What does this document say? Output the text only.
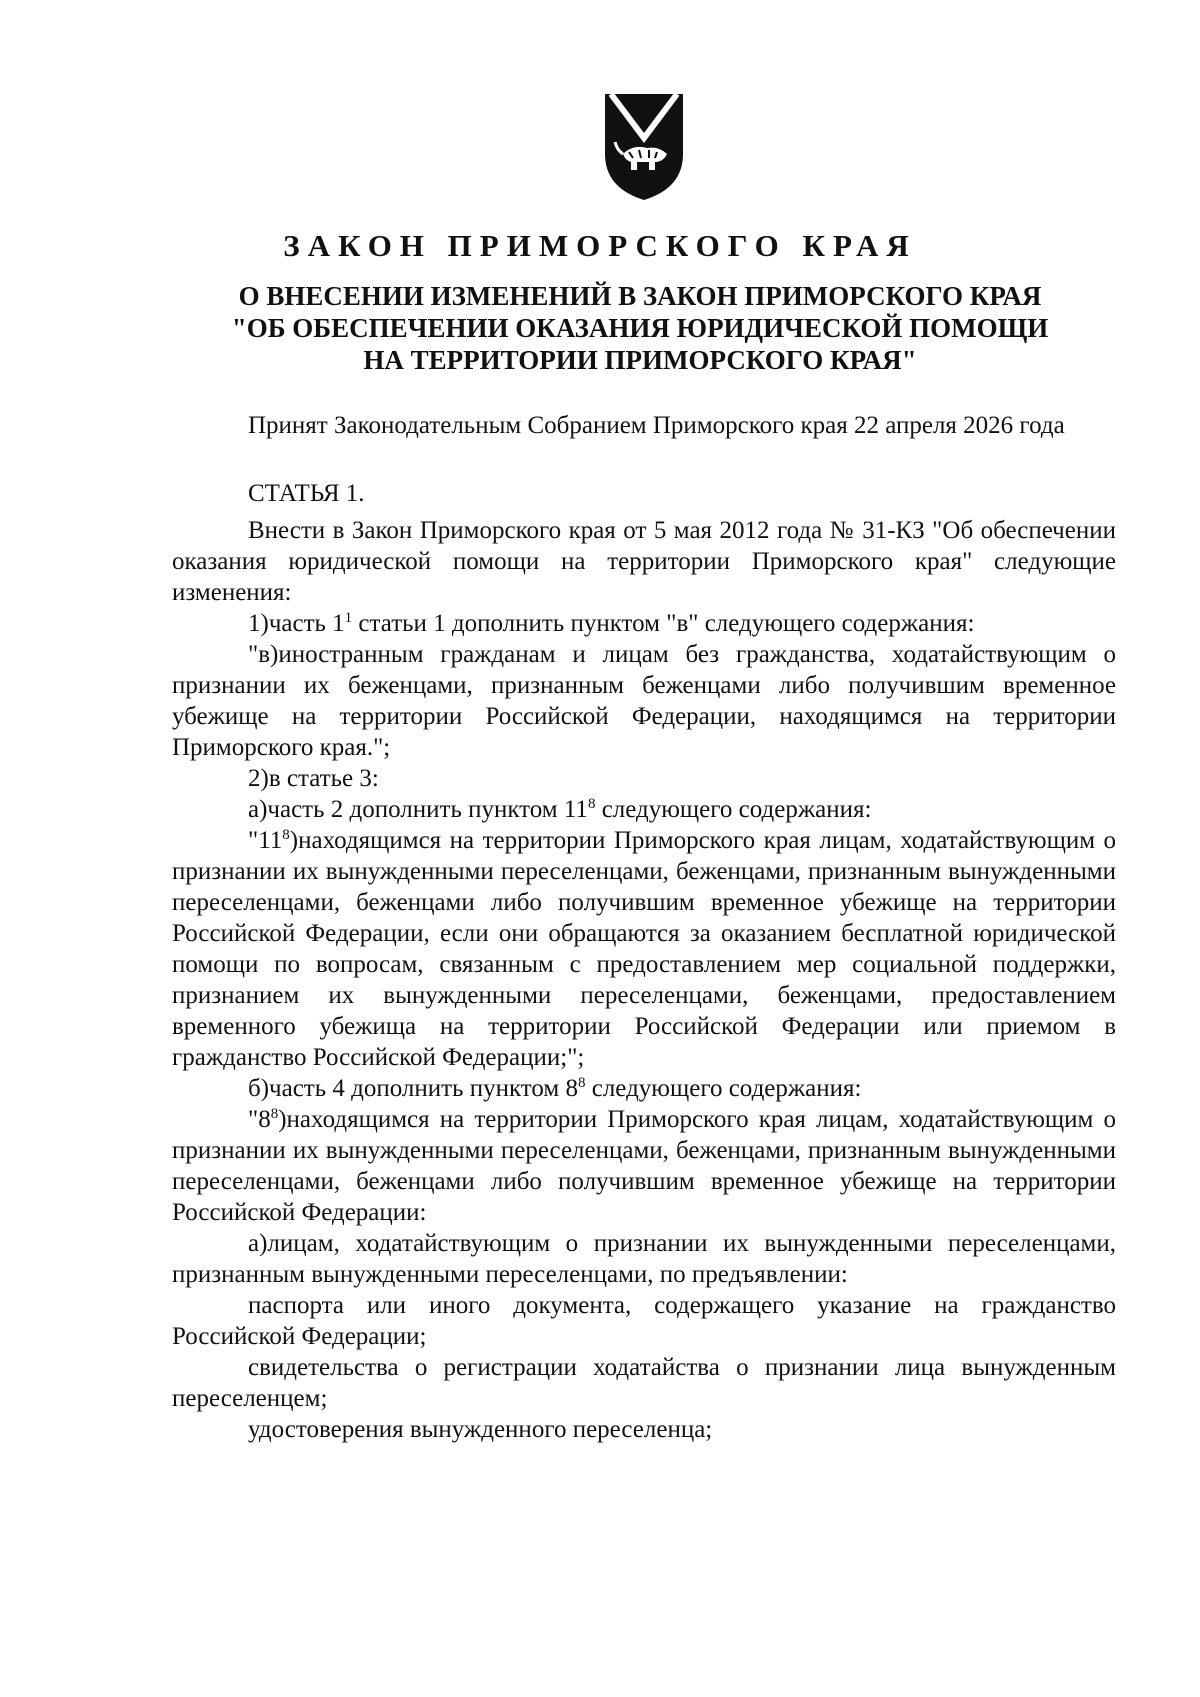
ЗАКОН ПРИМОРСКОГО КРАЯ
О ВНЕСЕНИИ ИЗМЕНЕНИЙ В ЗАКОН ПРИМОРСКОГО КРАЯ
"ОБ ОБЕСПЕЧЕНИИ ОКАЗАНИЯ ЮРИДИЧЕСКОЙ ПОМОЩИ
НА ТЕРРИТОРИИ ПРИМОРСКОГО КРАЯ"

Принят Законодательным Собранием Приморского края 22 апреля 2026 года

СТАТЬЯ 1.

Внести в Закон Приморского края от 5 мая 2012 года № 31-КЗ "Об обеспечении оказания юридической помощи на территории Приморского края" следующие изменения:

1)часть $1^1$ статьи 1 дополнить пунктом "в" следующего содержания:

"в)иностранным гражданам и лицам без гражданства, ходатайствующим о признании их беженцами, признанным беженцами либо получившим временное убежище на территории Российской Федерации, находящимся на территории Приморского края.";

2)в статье 3:

а)часть 2 дополнить пунктом $11^8$ следующего содержания:

"$11^8)находящимся$ на территории Приморского края лицам, ходатайствующим о признании их вынужденными переселенцами, беженцами, признанным вынужденными переселенцами, беженцами либо получившим временное убежище на территории Российской Федерации, если они обращаются за оказанием бесплатной юридической помощи по вопросам, связанным с предоставлением мер социальной поддержки, признанием их вынужденными переселенцами, беженцами, предоставлением временного убежища на территории Российской Федерации или приемом в гражданство Российской Федерации;";

б)часть 4 дополнить пунктом $8^8$ следующего содержания:

"$8^8)находящимся$ на территории Приморского края лицам, ходатайствующим о признании их вынужденными переселенцами, беженцами, признанным вынужденными переселенцами, беженцами либо получившим временное убежище на территории Российской Федерации:

а)лицам, ходатайствующим о признании их вынужденными переселенцами, признанным вынужденными переселенцами, по предъявлении:

паспорта или иного документа, содержащего указание на гражданство Российской Федерации;

свидетельства о регистрации ходатайства о признании лица вынужденным переселенцем;

удостоверения вынужденного переселенца;
